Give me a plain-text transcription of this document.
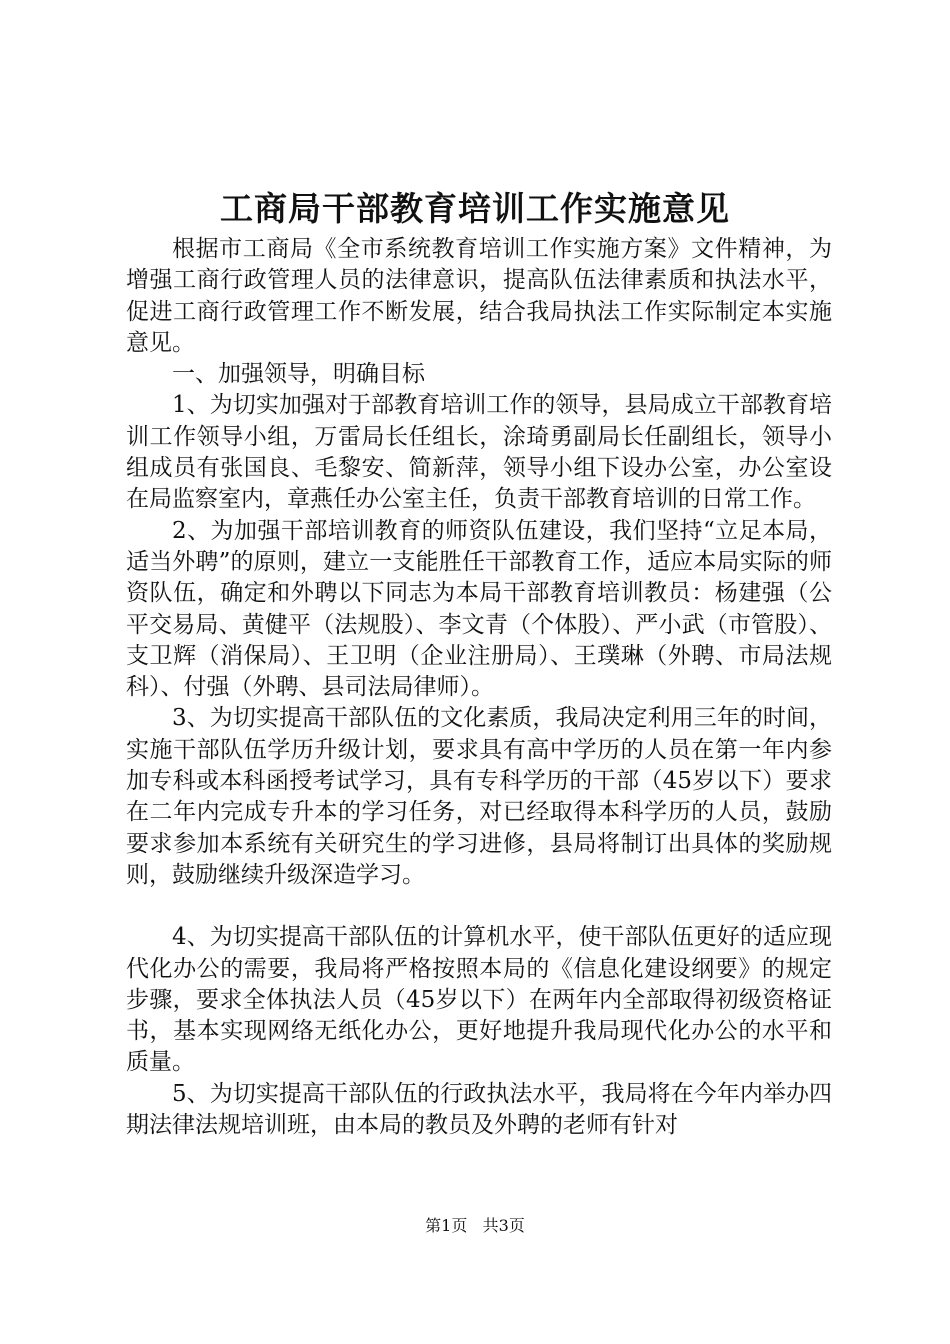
工商局干部教育培训工作实施意见

根据市工商局《全市系统教育培训工作实施方案》文件精神，为增强工商行政管理人员的法律意识，提高队伍法律素质和执法水平，促进工商行政管理工作不断发展，结合我局执法工作实际制定本实施意见。

一、加强领导，明确目标

1、为切实加强对于部教育培训工作的领导，县局成立干部教育培训工作领导小组，万雷局长任组长，涂琦勇副局长任副组长，领导小组成员有张国良、毛黎安、简新萍，领导小组下设办公室，办公室设在局监察室内，章燕任办公室主任，负责干部教育培训的日常工作。

2、为加强干部培训教育的师资队伍建设，我们坚持“立足本局，适当外聘”的原则，建立一支能胜任干部教育工作，适应本局实际的师资队伍，确定和外聘以下同志为本局干部教育培训教员：杨建强（公平交易局、黄健平（法规股）、李文青（个体股）、严小武（市管股）、支卫辉（消保局）、王卫明（企业注册局）、王璞琳（外聘、市局法规科）、付强（外聘、县司法局律师）。

3、为切实提高干部队伍的文化素质，我局决定利用三年的时间，实施干部队伍学历升级计划，要求具有高中学历的人员在第一年内参加专科或本科函授考试学习，具有专科学历的干部（45岁以下）要求在二年内完成专升本的学习任务，对已经取得本科学历的人员，鼓励要求参加本系统有关研究生的学习进修，县局将制订出具体的奖励规则，鼓励继续升级深造学习。

4、为切实提高干部队伍的计算机水平，使干部队伍更好的适应现代化办公的需要，我局将严格按照本局的《信息化建设纲要》的规定步骤，要求全体执法人员（45岁以下）在两年内全部取得初级资格证书，基本实现网络无纸化办公，更好地提升我局现代化办公的水平和质量。

5、为切实提高干部队伍的行政执法水平，我局将在今年内举办四期法律法规培训班，由本局的教员及外聘的老师有针对

第1页 共3页
